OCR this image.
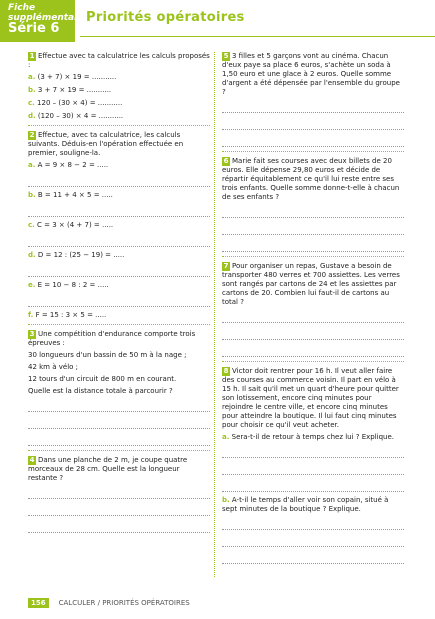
Fiche
supplémentaire
Série 6
Priorités opératoires

1 Effectue avec ta calculatrice les calculs proposés :

a. (3 + 7) × 19 = ...........
b. 3 + 7 × 19 = ...........
c. 120 – (30 × 4) = ...........
d. (120 – 30) × 4 = ...........

2 Effectue, avec ta calculatrice, les calculs suivants. Déduis-en l'opération effectuée en premier, souligne-la.

a. A = 9 × 8 − 2 = .....
b. B = 11 + 4 × 5 = .....
c. C = 3 × (4 + 7) = .....
d. D = 12 : (25 − 19) = .....
e. E = 10 − 8 : 2 = .....
f. F = 15 : 3 × 5 = .....

3 Une compétition d'endurance comporte trois épreuves :

30 longueurs d'un bassin de 50 m à la nage ;

42 km à vélo ;

12 tours d'un circuit de 800 m en courant.

Quelle est la distance totale à parcourir ?

4 Dans une planche de 2 m, je coupe quatre morceaux de 28 cm. Quelle est la longueur restante ?

5 3 filles et 5 garçons vont au cinéma. Chacun d'eux paye sa place 6 euros, s'achète un soda à 1,50 euro et une glace à 2 euros. Quelle somme d'argent a été dépensée par l'ensemble du groupe ?

6 Marie fait ses courses avec deux billets de 20 euros. Elle dépense 29,80 euros et décide de répartir équitablement ce qu'il lui reste entre ses trois enfants. Quelle somme donne-t-elle à chacun de ses enfants ?

7 Pour organiser un repas, Gustave a besoin de transporter 480 verres et 700 assiettes. Les verres sont rangés par cartons de 24 et les assiettes par cartons de 20. Combien lui faut-il de cartons au total ?

8 Victor doit rentrer pour 16 h. Il veut aller faire des courses au commerce voisin. Il part en vélo à 15 h. Il sait qu'il met un quart d'heure pour quitter son lotissement, encore cinq minutes pour rejoindre le centre ville, et encore cinq minutes pour atteindre la boutique. Il lui faut cinq minutes pour choisir ce qu'il veut acheter.

a. Sera-t-il de retour à temps chez lui ? Explique.

b. A-t-il le temps d'aller voir son copain, situé à sept minutes de la boutique ? Explique.

156 CALCULER / PRIORITÉS OPÉRATOIRES
